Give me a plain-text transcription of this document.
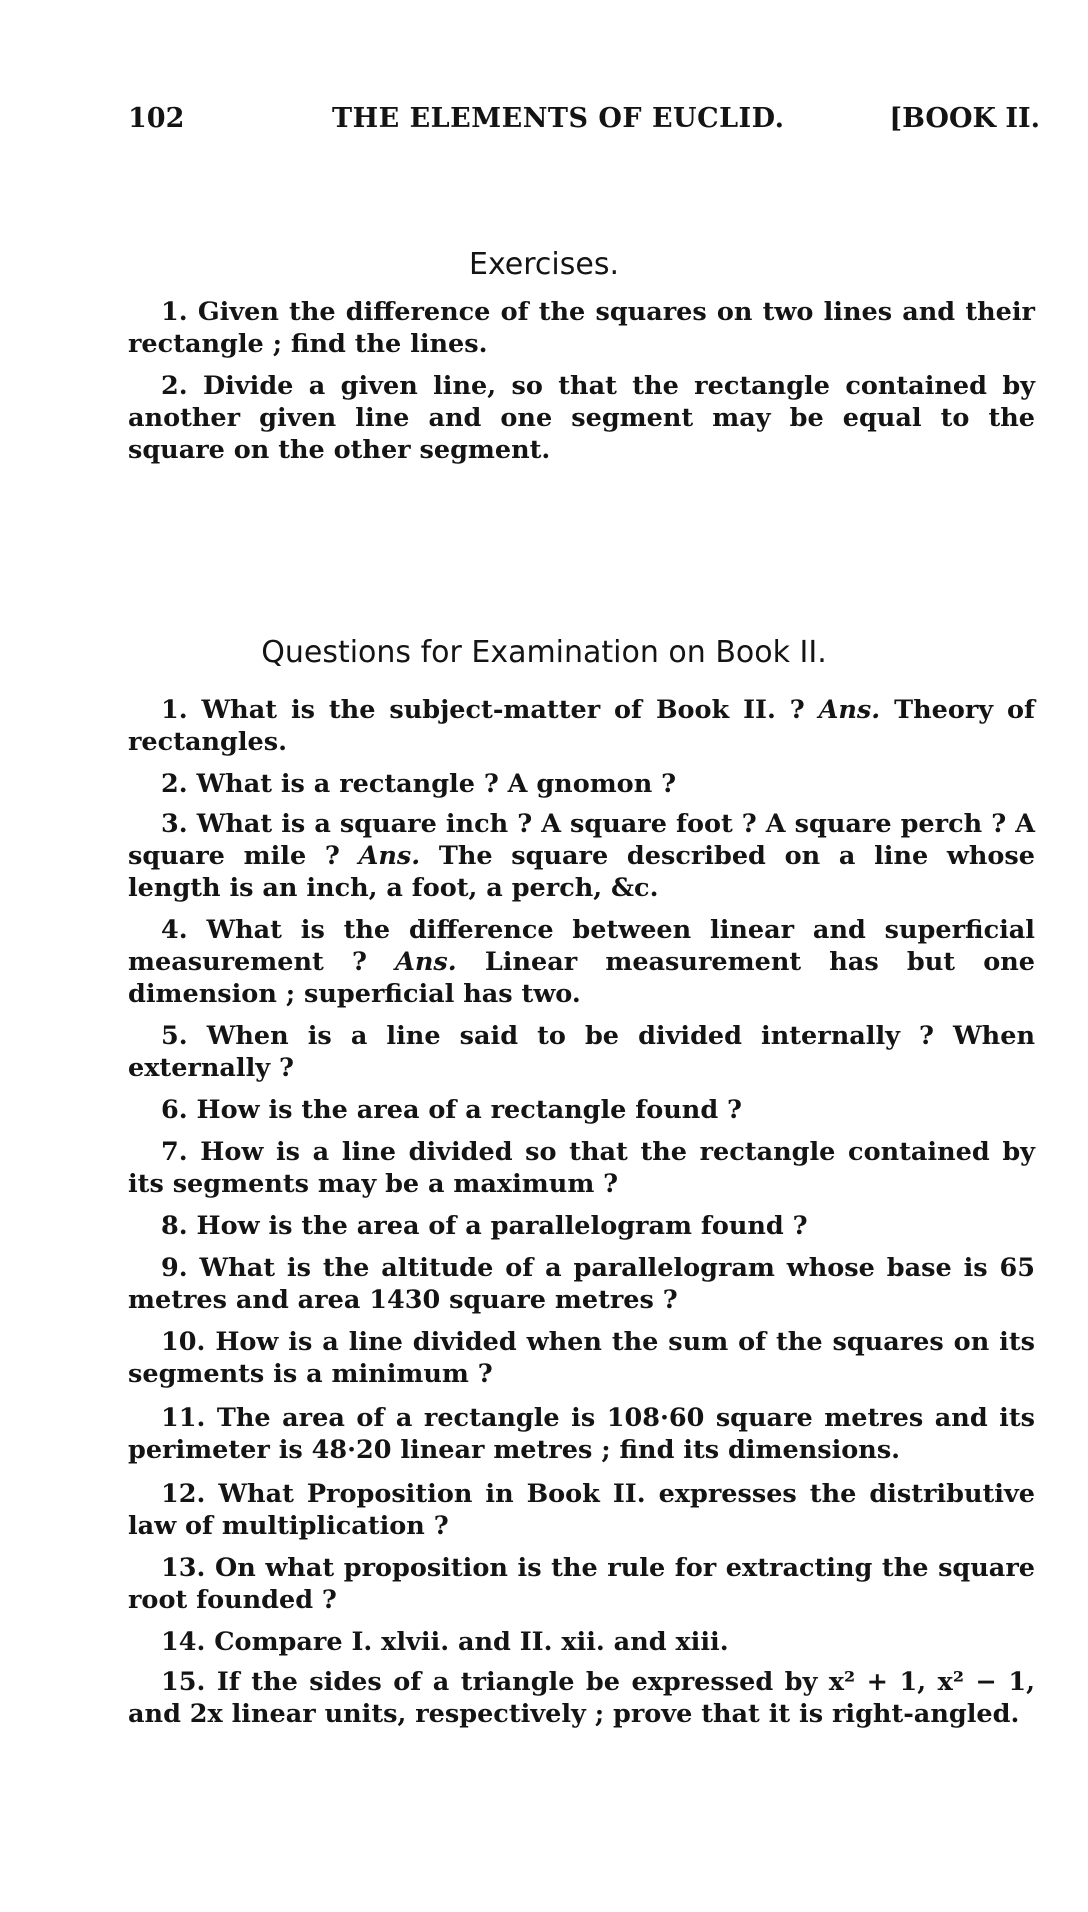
102	THE ELEMENTS OF EUCLID.	[BOOK II.
Exercises.

1. Given the difference of the squares on two lines and their rectangle ; find the lines.

2. Divide a given line, so that the rectangle contained by another given line and one segment may be equal to the square on the other segment.

Questions for Examination on Book II.

1. What is the subject-matter of Book II. ? Ans. Theory of rectangles.

2. What is a rectangle ? A gnomon ?

3. What is a square inch ? A square foot ? A square perch ? A square mile ? Ans. The square described on a line whose length is an inch, a foot, a perch, &c.

4. What is the difference between linear and superficial measurement ? Ans. Linear measurement has but one dimension ; superficial has two.

5. When is a line said to be divided internally ? When externally ?

6. How is the area of a rectangle found ?

7. How is a line divided so that the rectangle contained by its segments may be a maximum ?

8. How is the area of a parallelogram found ?

9. What is the altitude of a parallelogram whose base is 65 metres and area 1430 square metres ?

10. How is a line divided when the sum of the squares on its segments is a minimum ?

11. The area of a rectangle is 108·60 square metres and its perimeter is 48·20 linear metres ; find its dimensions.

12. What Proposition in Book II. expresses the distributive law of multiplication ?

13. On what proposition is the rule for extracting the square root founded ?

14. Compare I. xlvii. and II. xii. and xiii.

15. If the sides of a triangle be expressed by x² + 1, x² − 1, and 2x linear units, respectively ; prove that it is right-angled.
